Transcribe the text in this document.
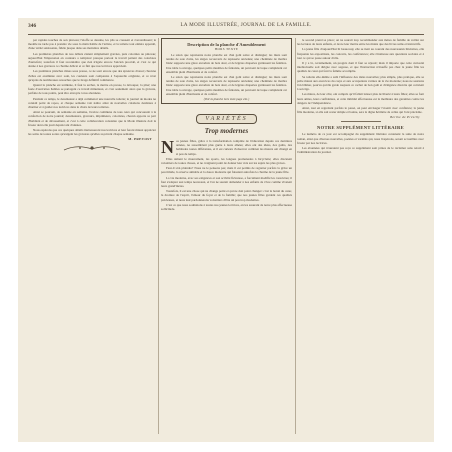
346	LA MODE ILLUSTRÉE, JOURNAL DE LA FAMILLE.

par rapides touches de son pinceau; l'étoffe se dessine, les plis se creusent et s'arrondissent; le modèle ne tarde pas à prendre vie sous la main habile de l'artiste, et la toilette tout entière apparaît, d'une vérité saisissante, fidèle jusque dans ses moindres détails.

Les premières planches de nos débuts étaient simplement gravées, puis coloriées au pinceau; aujourd'hui l'impression en couleurs a remplacé presque partout le travail patient des coloristes d'autrefois; toutefois il faut reconnaître que rien n'égale encore l'ancien procédé, et c'est ce qui donne à nos gravures ce charme délicat et ce fini que nos lectrices apprécient.

Les premières planches mises sous presse, ce ne sont encore que des épreuves d'essai; chacune d'elles est examinée avec soin, les couleurs sont comparées à l'aquarelle originale, et ce n'est qu'après de nombreuses retouches que le tirage définitif commence.

Quand la planche est terminée, il faut la sécher, la mettre en presse, la découper, la plier; une foule d'ouvrières habiles se partagent ce travail minutieux, et c'est seulement alors que la gravure, parfaite de tous points, peut être envoyée à nos abonnées.

Pendant ce temps, le dessinateur a déjà commencé une nouvelle toilette; le journal de modes ne connaît point de repos, et chaque semaine voit naître ainsi de nouvelles créations destinées à charmer et à guider nos lectrices dans le choix de leurs toilettes.

Ainsi se poursuit, de semaine en semaine, l'œuvre commune de tous ceux qui concourent à la confection de notre journal; dessinateurs, graveurs, imprimeurs, coloristes, chacun apporte sa part d'habileté et de dévouement, et c'est à cette collaboration constante que la Mode illustrée doit la faveur dont elle jouit depuis tant d'années.

Nous espérons que ces quelques détails intéresseront nos lectrices et leur feront mieux apprécier les soins de toutes sortes qu'exigent les gravures qu'elles reçoivent chaque semaine.

M. PREVOST

Description de la planche d'Ameublement

HORS TEXTE

Le salon que représente notre planche est d'un goût sobre et distingué; les murs sont tendus de soie claire, les sièges recouverts de tapisserie ancienne; une cheminée de marbre blanc supporte une glace encadrée de bois doré, et de légères draperies garnissent les fenêtres. Une table à ouvrage, quelques petits meubles de fantaisie, un paravent de laque complètent cet ensemble plein d'harmonie et de confort.

Le salon que représente notre planche est d'un goût sobre et distingué; les murs sont tendus de soie claire, les sièges recouverts de tapisserie ancienne; une cheminée de marbre blanc supporte une glace encadrée de bois doré, et de légères draperies garnissent les fenêtres. Une table à ouvrage, quelques petits meubles de fantaisie, un paravent de laque complètent cet ensemble plein d'harmonie et de confort.

(Voir la planche hors texte page 241.)

VARIÉTÉS

Trop modernes

N os jeunes filles, grâce à la transformation complète de l'éducation depuis ces dernières années, ne ressemblent plus guère à leurs aînées; elles ont des idées, des goûts, des habitudes toutes différentes, et il est curieux d'observer combien les mœurs ont changé en si peu de temps.

Elles aiment le mouvement, les sports, les longues promenades à bicyclette; elles discutent volontiers de toutes choses, et ne craignent point de donner leur avis sur les sujets les plus graves.

Faut-il s'en plaindre? Nous ne le pensons pas; mais il est permis de regretter parfois la grâce un peu timide, la réserve aimable et la douce modestie qui faisaient autrefois le charme de la jeune fille.

La vie moderne, avec ses exigences et son activité fiévreuse, a forcément modifié les caractères; il faut s'adapter aux temps nouveaux, et l'on ne saurait demander à nos enfants de vivre comme vivaient leurs grand'mères.

Toutefois, il est une chose qui ne change point et qui ne doit point changer: c'est la bonté du cœur, la droiture de l'esprit, l'amour du foyer et de la famille; que nos jeunes filles gardent ces qualités précieuses, et nous leur pardonnerons volontiers d'être un peu trop modernes.

C'est ce que nous souhaitons à toutes nos jeunes lectrices, en les assurant de notre plus affectueuse sollicitude.

le second prend sa place; on ne saurait trop recommander aux mères de famille de veiller sur les lectures de leurs enfants, et de ne leur mettre entre les mains que des livres sains et instructifs.

La jeune fille d'aujourd'hui lit beaucoup; elle se tient au courant des nouveautés littéraires, elle fréquente les expositions, les concerts, les conférences; elle s'intéresse aux questions sociales et à tout ce qui se passe autour d'elle.

Il y a là, certainement, un progrès dont il faut se réjouir; mais il importe que cette curiosité intellectuelle soit dirigée avec sagesse, et que l'instruction n'étouffe pas chez la jeune fille les qualités de cœur qui font la femme accomplie.

Sa toilette elle-même a subi l'influence des idées nouvelles; plus simple, plus pratique, elle se prête mieux aux exercices du corps et aux occupations variées de la vie moderne; nous ne saurions l'en blâmer, pourvu qu'elle garde toujours ce cachet de bon goût et d'élégance discrète qui convient à son âge.

Les mères, de leur côté, ont compris qu'il fallait laisser plus de liberté à leurs filles; elles se font leurs amies, leurs confidentes, et cette intimité affectueuse est la meilleure des garanties contre les dangers de l'indépendance.

Ainsi, tout en regrettant parfois le passé, on peut envisager l'avenir avec confiance; la jeune fille moderne, si elle sait rester simple et bonne, sera la digne héritière de celles qui l'ont précédée.

Berthe de Présilly

NOTRE SUPPLÉMENT LITTÉRAIRE

Le numéro de ce jour est accompagné du supplément littéraire contenant la suite de notre roman, ainsi que diverses nouvelles, poésies et variétés qui, nous l'espérons, seront accueillies avec faveur par nos lectrices.

Les abonnées qui n'auraient pas reçu ce supplément sont priées de le réclamer sans retard à l'administration du journal.
